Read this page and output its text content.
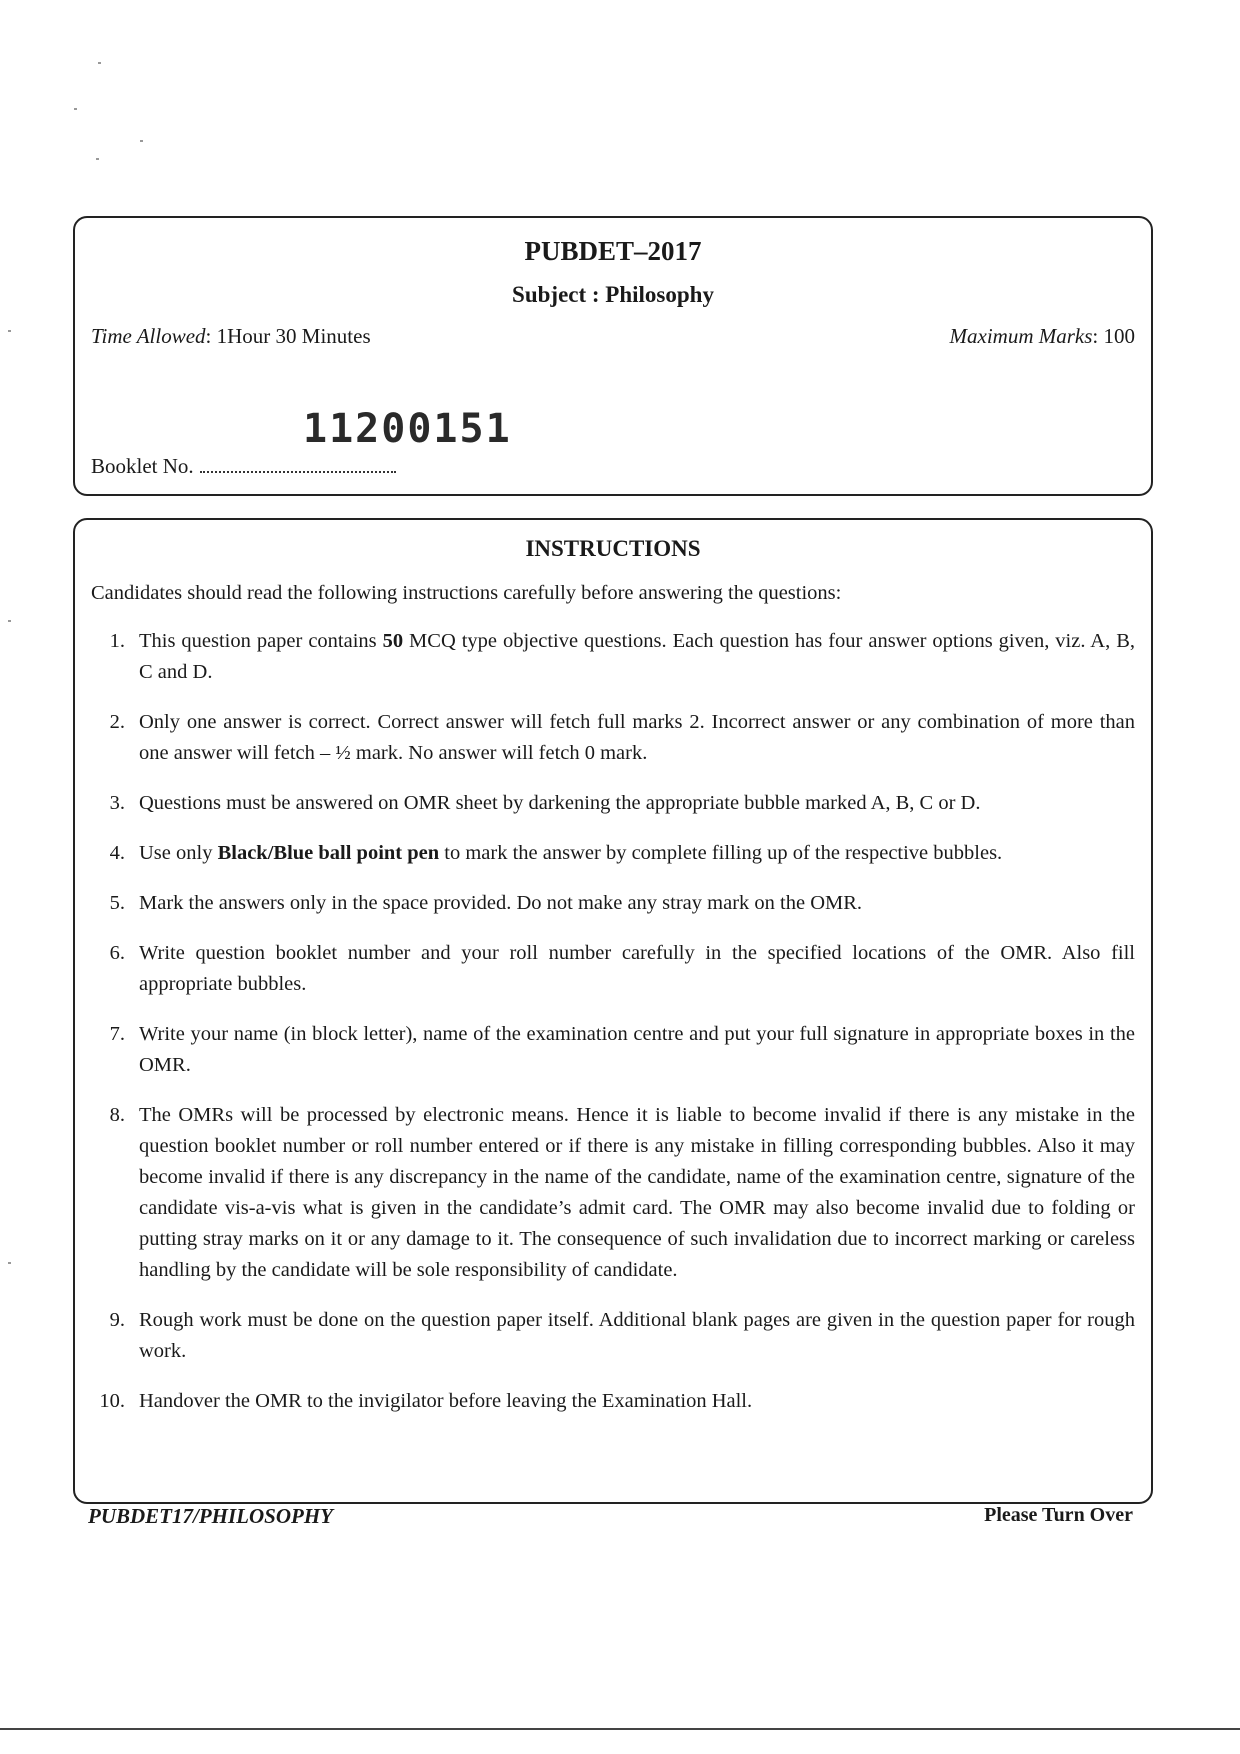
PUBDET–2017
Subject : Philosophy
Time Allowed: 1Hour 30 Minutes	Maximum Marks: 100
11200151
Booklet No.
INSTRUCTIONS
Candidates should read the following instructions carefully before answering the questions:
1. This question paper contains 50 MCQ type objective questions. Each question has four answer options given, viz. A, B, C and D.
2. Only one answer is correct. Correct answer will fetch full marks 2. Incorrect answer or any combination of more than one answer will fetch – ½ mark. No answer will fetch 0 mark.
3. Questions must be answered on OMR sheet by darkening the appropriate bubble marked A, B, C or D.
4. Use only Black/Blue ball point pen to mark the answer by complete filling up of the respective bubbles.
5. Mark the answers only in the space provided. Do not make any stray mark on the OMR.
6. Write question booklet number and your roll number carefully in the specified locations of the OMR. Also fill appropriate bubbles.
7. Write your name (in block letter), name of the examination centre and put your full signature in appropriate boxes in the OMR.
8. The OMRs will be processed by electronic means. Hence it is liable to become invalid if there is any mistake in the question booklet number or roll number entered or if there is any mistake in filling corresponding bubbles. Also it may become invalid if there is any discrepancy in the name of the candidate, name of the examination centre, signature of the candidate vis-a-vis what is given in the candidate’s admit card. The OMR may also become invalid due to folding or putting stray marks on it or any damage to it. The consequence of such invalidation due to incorrect marking or careless handling by the candidate will be sole responsibility of candidate.
9. Rough work must be done on the question paper itself. Additional blank pages are given in the question paper for rough work.
10. Handover the OMR to the invigilator before leaving the Examination Hall.
PUBDET17/PHILOSOPHY	Please Turn Over
